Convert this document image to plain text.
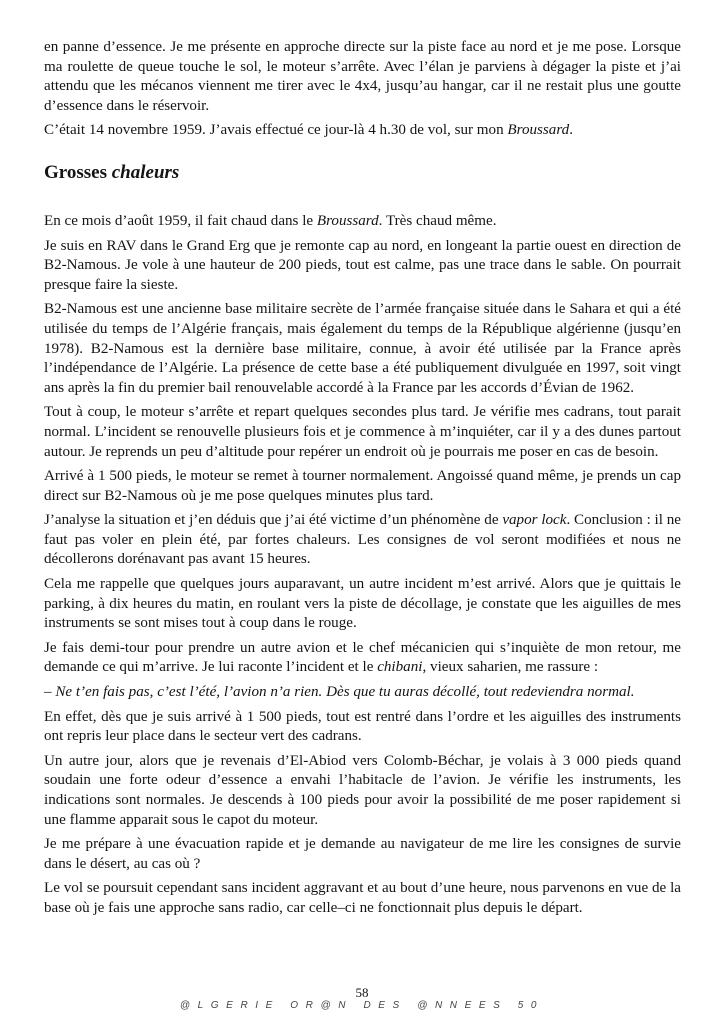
en panne d’essence. Je me présente en approche directe sur la piste face au nord et je me pose. Lorsque ma roulette de queue touche le sol, le moteur s’arrête. Avec l’élan je parviens à dégager la piste et j’ai attendu que les mécanos viennent me tirer avec le 4x4, jusqu’au hangar, car il ne restait plus une goutte d’essence dans le réservoir.

C’était 14 novembre 1959. J’avais effectué ce jour-là 4 h.30 de vol, sur mon Broussard.

Grosses chaleurs

En ce mois d’août 1959, il fait chaud dans le Broussard. Très chaud même.

Je suis en RAV dans le Grand Erg que je remonte cap au nord, en longeant la partie ouest en direction de B2-Namous. Je vole à une hauteur de 200 pieds, tout est calme, pas une trace dans le sable. On pourrait presque faire la sieste.

B2-Namous est une ancienne base militaire secrète de l’armée française située dans le Sahara et qui a été utilisée du temps de l’Algérie français, mais également du temps de la République algérienne (jusqu’en 1978). B2-Namous est la dernière base militaire, connue, à avoir été utilisée par la France après l’indépendance de l’Algérie. La présence de cette base a été publiquement divulguée en 1997, soit vingt ans après la fin du premier bail renouvelable accordé à la France par les accords d’Évian de 1962.

Tout à coup, le moteur s’arrête et repart quelques secondes plus tard. Je vérifie mes cadrans, tout parait normal. L’incident se renouvelle plusieurs fois et je commence à m’inquiéter, car il y a des dunes partout autour. Je reprends un peu d’altitude pour repérer un endroit où je pourrais me poser en cas de besoin.

Arrivé à 1 500 pieds, le moteur se remet à tourner normalement. Angoissé quand même, je prends un cap direct sur B2-Namous où je me pose quelques minutes plus tard.

J’analyse la situation et j’en déduis que j’ai été victime d’un phénomène de vapor lock. Conclusion : il ne faut pas voler en plein été, par fortes chaleurs. Les consignes de vol seront modifiées et nous ne décollerons dorénavant pas avant 15 heures.

Cela me rappelle que quelques jours auparavant, un autre incident m’est arrivé. Alors que je quittais le parking, à dix heures du matin, en roulant vers la piste de décollage, je constate que les aiguilles de mes instruments se sont mises tout à coup dans le rouge.

Je fais demi-tour pour prendre un autre avion et le chef mécanicien qui s’inquiète de mon retour, me demande ce qui m’arrive. Je lui raconte l’incident et le chibani, vieux saharien, me rassure :

– Ne t’en fais pas, c’est l’été, l’avion n’a rien. Dès que tu auras décollé, tout redeviendra normal.

En effet, dès que je suis arrivé à 1 500 pieds, tout est rentré dans l’ordre et les aiguilles des instruments ont repris leur place dans le secteur vert des cadrans.

Un autre jour, alors que je revenais d’El-Abiod vers Colomb-Béchar, je volais à 3 000 pieds quand soudain une forte odeur d’essence a envahi l’habitacle de l’avion. Je vérifie les instruments, les indications sont normales. Je descends à 100 pieds pour avoir la possibilité de me poser rapidement si une flamme apparait sous le capot du moteur.

Je me prépare à une évacuation rapide et je demande au navigateur de me lire les consignes de survie dans le désert, au cas où ?

Le vol se poursuit cependant sans incident aggravant et au bout d’une heure, nous parvenons en vue de la base où je fais une approche sans radio, car celle–ci ne fonctionnait plus depuis le départ.

58
@LGERIE OR@N DES @NNEES 50
